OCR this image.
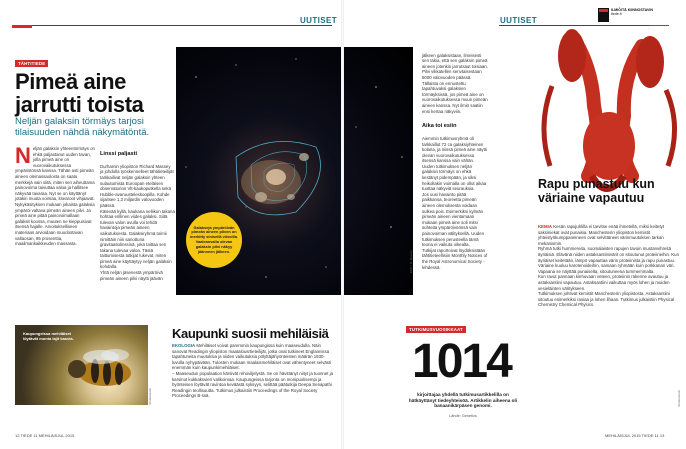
UUTISET
TÄHTITIEDE
Pimeä aine
jarrutti toista
Neljän galaksin törmäys tarjosi tilaisuuden nähdä näkymätöntä.
Neljän galaksin yhteentörmäys on ehkä paljastanut uuden tavan, jolla pimeä aine on vuorovaikutuksessa ympäristönsä kanssa. Tähän asti pimeän aineen olemassaolosta on saatu merkkejä vain siitä, miten sen aiheuttama painovoima taivuttaa valoa ja hallitsee näkyvää tavaraa. Nyt se on käyttänyt jotakin muuta voimaa, itsearoot vihjaavat.
Nykykäsityksen mukaan jokaista galaksia ympäröi valtava pimeän aineen pilvi. Ja pimeä aine pitää painovoimallaan galaksit koossa, muuten ne kieppuisivat itsensä hajalle. Arvoitukselliseen materiaan arvioidaan muodostavan valtaosan, 85 prosenttia, maailmankaikkeuden massasta.

Linssi paljasti

Durhamin yliopiston Richard Massey ja johdolla työskennelleet tähtitieteilijät tarkkailivat neljän galaksin yhteen sulautumista Euroopan eteläisen observatorion Vlt-kaukoputkella sekä Hubble-avaruusteleskoopilla. Kohde sijaitsee 1,3 miljardin valovuoden päässä.
Kätevää kyllä, kaukana neliikon takana hohtaa erillinen viides galaksi. Siitä tulevan valon avulla voi tehdä havaintoja pimeän aineen vaikutuksesta. Galaksiryhmä toimii nimittäin niin sanottuna gravitaatiolinssinä, joka taittaa sen takana tulevaa valoa. Tästä taittumisesta tutkijat lukevat, miten pimeä aine käyttäytyy neljän galaksin kohdalla.
Yhtä neljän jäsenestä ympäröivä pimeän aineen pilvi näytti jäävän

Galakseja ympäröivän pimeän aineen pilven on merkitty sinisellä viivoilla. Vaaleanvalla olevan galaksin pilvi näkyy jäänneen jälkeen.	ESO / R. Massey

jälkeen galaksistaan, ilmeisesti sen takia, että sen galaksin pimeä aineen jotenkin jarrutsaut toisiaan. Pilvi vikkatellen senvtaisestaan 5000 valovuoden päässä. Tällaista on ennustettu tapahtuvaksi galaksien törmäyksissä, jos pimeä aine on vuorovaikutuksessa muun pimeän aineen kanssa. Nyt ilmiö saatiin ensi kertaa näkyviin.

Aika toi esiin

Aiemmin tutkimusryhmä oli tarkkaillut 72 ca galaksiyhteinen kolaria, ja niissä pimeä aine näytti olevan vuorovaikutuksessa itsensä kanssa vain vähän. Uuden tutkimuksen neljän galaksin törmäys on ehkä kestänyt pidempään, ja siksi heikollakin voimalla on ollut aikaa tuottaa näkyviä seurauksia.
Jos uusi havainto pitää paikkansa, teoreetta pimeän aineen olemuksesta voidaan sulkea pois. Esimerkiksi kylmän pimeän aineen vientamaan mukaan pimeä aine soli mitsi suhteita ympäröivöönsä vain painovoiman välityksellä. Uuden tutkimuksen perusteella tämä teoria ei vaikuta oikealta.
Tutkijat raportoivat löydöksistään tähtitieteellisiin Monthly Notices of the Royal Astronomical Society -lehdessä.

Kaupungeissa mehiläiset löytävät monta lajit kasvia.
Shutterstock
Kaupunki suosii mehiläisiä
EKOLOGIA Mehiläiset voivat paremmin kaupungissa kuin maaseudulla. Näin sanovat Readingin yliopiston maatalousrtieteilijät, jotka ovat tutkineet Englannissa tapahtuneita muutoksia ja niiden vaikutuksia pölyttäjähyönteisten määrän 1930-luvulla nyhypäivään. Tulosten mukaan maalaismehiläiset ovat vähentyneet selvästi enemmän kuin kaupunkimehiläiset.
– Maaseudun populaation kärsivät rehoviljelystä. Se on hävittänyt niityt ja tuonnet ja karsinut kukkaksvien valikoimaa. Kaupungeissa tarjonta on monipuolisempi ja hyönteisen löytävät ravintoa keväästä syksyyn, selittää päätutkija Deepa Senapathi Readingin teollisuutta. Tutkimus julkaistiin Proceedings of the Royal Society Proceedings B-ssä.
12 TIEDE 11 MEHILÄISJUL 2015
UUTISET
ILMIÖITÄ KIINNOSTAVIN
tiede.fi
Rapu punastuu kun väriaine vapautuu
KEMIA Kesän rapujuhlilla ei tarvitse enää ihmetellä, miksi keitetyt saksiniekat ovat punaisia. Manchesterin yliopiston kemistit yhteistyökumppaneineen ovat selvittäneet värinmuutoksen tarkan mekanismin.
Ryhmä tutki hummereita, suomalaisten rapujen tavoin mustanvihreitä äyriäisiä. Elävänä niiden astaksantiinivärit on sitoutunut proteiineihin. Kun äyriäiset keitetään, lämpö vapauttaa värin proteiinista ja rapu punastuu.
Väriaine kuuluu karotenoideihin, samaan ryhmään kuin porkkanan väri. Vapaana se näyttää punaiselta, sitoutuneena tummemmalta.
Kun ravut pannaan kiehuvaan veteen, proteiinin rakenne avautuu ja astaksantiini vapautuu. Astaksantiini vaikuttaa myös lohen ja muiden vesieläinten väritykseen.
Tutkimuksen johtivat kemistit Manchesterin yliopistosta. Astaksantiini sitoutuu esimerkiksi rasiaa ja lohen lihaan. Tutkimus julkaistiin Physical Chemistry Chemical Physics.
Shutterstock
TUTKIMUSVUOSIKKAAT
1014
kirjoittajaa yhdellä tutkimusartikkelilla on hätkäyttänyt tiedeyhteisöä. Artikkelin aiheena oli banaanikärpäsen genomi.
Lähde: Genetics
MEHILÄISJUL 2015 TIEDE 11 13
